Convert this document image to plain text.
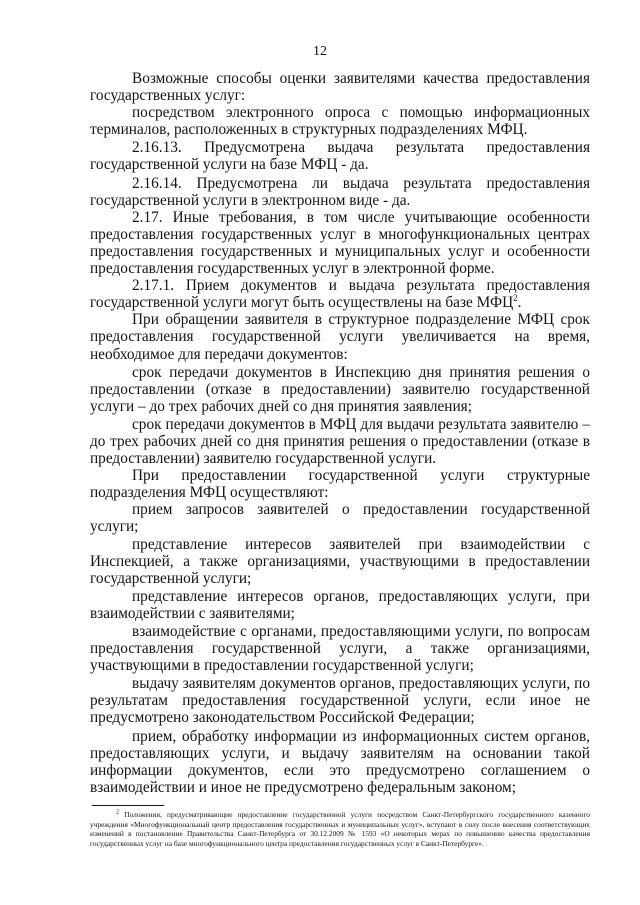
12

Возможные способы оценки заявителями качества предоставления государственных услуг:

посредством электронного опроса с помощью информационных терминалов, расположенных в структурных подразделениях МФЦ.

2.16.13. Предусмотрена выдача результата предоставления государственной услуги на базе МФЦ - да.

2.16.14. Предусмотрена ли выдача результата предоставления государственной услуги в электронном виде - да.

2.17. Иные требования, в том числе учитывающие особенности предоставления государственных услуг в многофункциональных центрах предоставления государственных и муниципальных услуг и особенности предоставления государственных услуг в электронной форме.

2.17.1. Прием документов и выдача результата предоставления государственной услуги могут быть осуществлены на базе МФЦ$^2$.

При обращении заявителя в структурное подразделение МФЦ срок предоставления государственной услуги увеличивается на время, необходимое для передачи документов:

срок передачи документов в Инспекцию дня принятия решения о предоставлении (отказе в предоставлении) заявителю государственной услуги – до трех рабочих дней со дня принятия заявления;

срок передачи документов в МФЦ для выдачи результата заявителю – до трех рабочих дней со дня принятия решения о предоставлении (отказе в предоставлении) заявителю государственной услуги.

При предоставлении государственной услуги структурные подразделения МФЦ осуществляют:

прием запросов заявителей о предоставлении государственной услуги;

представление интересов заявителей при взаимодействии с Инспекцией, а также организациями, участвующими в предоставлении государственной услуги;

представление интересов органов, предоставляющих услуги, при взаимодействии с заявителями;

взаимодействие с органами, предоставляющими услуги, по вопросам предоставления государственной услуги, а также организациями, участвующими в предоставлении государственной услуги;

выдачу заявителям документов органов, предоставляющих услуги, по результатам предоставления государственной услуги, если иное не предусмотрено законодательством Российской Федерации;

прием, обработку информации из информационных систем органов, предоставляющих услуги, и выдачу заявителям на основании такой информации документов, если это предусмотрено соглашением о взаимодействии и иное не предусмотрено федеральным законом;

$^2$ Положения, предусматривающие предоставление государственной услуги посредством Санкт-Петербургского государственного казенного учреждения «Многофункциональный центр предоставления государственных и муниципальных услуг», вступают в силу после внесения соответствующих изменений в постановление Правительства Санкт-Петербурга от 30.12.2009 № 1593 «О некоторых мерах по повышению качества предоставления государственных услуг на базе многофункционального центра предоставления государственных услуг в Санкт-Петербурге».
